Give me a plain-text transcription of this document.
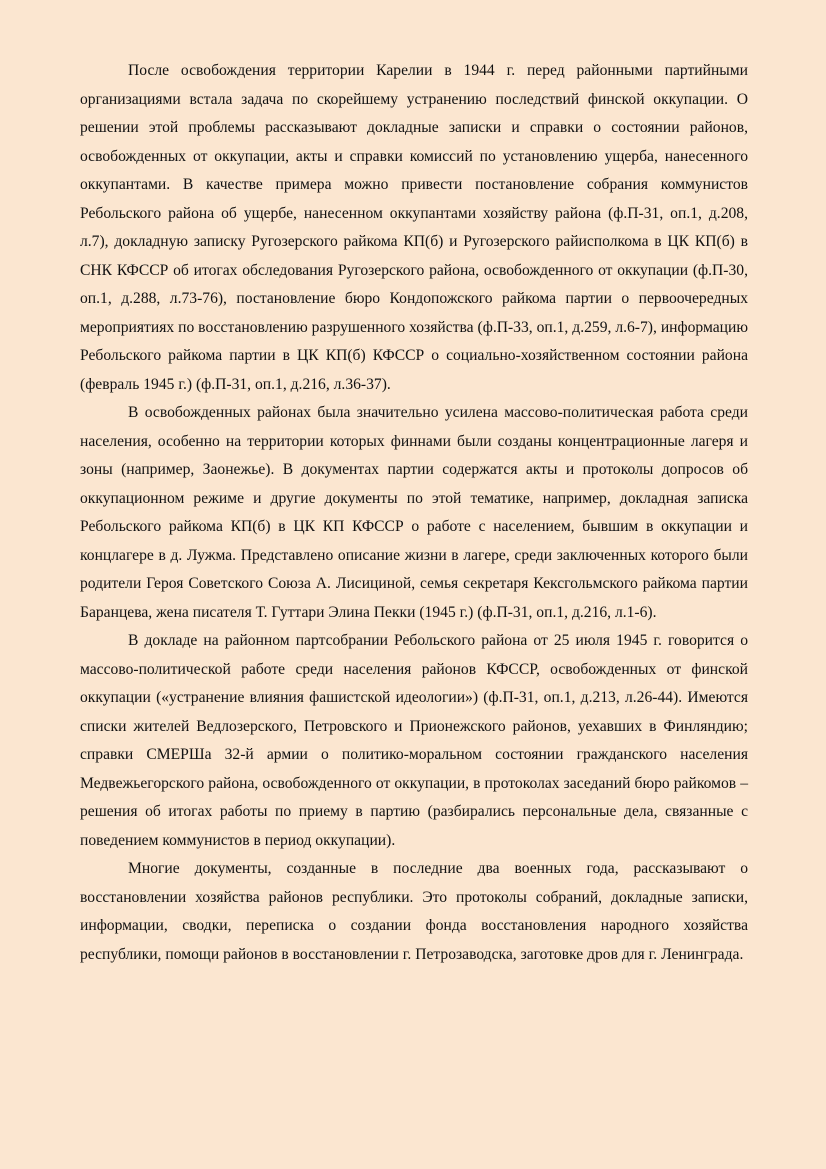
После освобождения территории Карелии в 1944 г. перед районными партийными организациями встала задача по скорейшему устранению последствий финской оккупации. О решении этой проблемы рассказывают докладные записки и справки о состоянии районов, освобожденных от оккупации, акты и справки комиссий по установлению ущерба, нанесенного оккупантами. В качестве примера можно привести постановление собрания коммунистов Ребольского района об ущербе, нанесенном оккупантами хозяйству района (ф.П-31, оп.1, д.208, л.7), докладную записку Ругозерского райкома КП(б) и Ругозерского райисполкома в ЦК КП(б) в СНК КФССР об итогах обследования Ругозерского района, освобожденного от оккупации (ф.П-30, оп.1, д.288, л.73-76), постановление бюро Кондопожского райкома партии о первоочередных мероприятиях по восстановлению разрушенного хозяйства (ф.П-33, оп.1, д.259, л.6-7), информацию Ребольского райкома партии в ЦК КП(б) КФССР о социально-хозяйственном состоянии района (февраль 1945 г.) (ф.П-31, оп.1, д.216, л.36-37).

В освобожденных районах была значительно усилена массово-политическая работа среди населения, особенно на территории которых финнами были созданы концентрационные лагеря и зоны (например, Заонежье). В документах партии содержатся акты и протоколы допросов об оккупационном режиме и другие документы по этой тематике, например, докладная записка Ребольского райкома КП(б) в ЦК КП КФССР о работе с населением, бывшим в оккупации и концлагере в д. Лужма. Представлено описание жизни в лагере, среди заключенных которого были родители Героя Советского Союза А. Лисициной, семья секретаря Кексгольмского райкома партии Баранцева, жена писателя Т. Гуттари Элина Пекки (1945 г.) (ф.П-31, оп.1, д.216, л.1-6).

В докладе на районном партсобрании Ребольского района от 25 июля 1945 г. говорится о массово-политической работе среди населения районов КФССР, освобожденных от финской оккупации («устранение влияния фашистской идеологии») (ф.П-31, оп.1, д.213, л.26-44). Имеются списки жителей Ведлозерского, Петровского и Прионежского районов, уехавших в Финляндию; справки СМЕРШа 32-й армии о политико-моральном состоянии гражданского населения Медвежьегорского района, освобожденного от оккупации, в протоколах заседаний бюро райкомов – решения об итогах работы по приему в партию (разбирались персональные дела, связанные с поведением коммунистов в период оккупации).

Многие документы, созданные в последние два военных года, рассказывают о восстановлении хозяйства районов республики. Это протоколы собраний, докладные записки, информации, сводки, переписка о создании фонда восстановления народного хозяйства республики, помощи районов в восстановлении г. Петрозаводска, заготовке дров для г. Ленинграда.
